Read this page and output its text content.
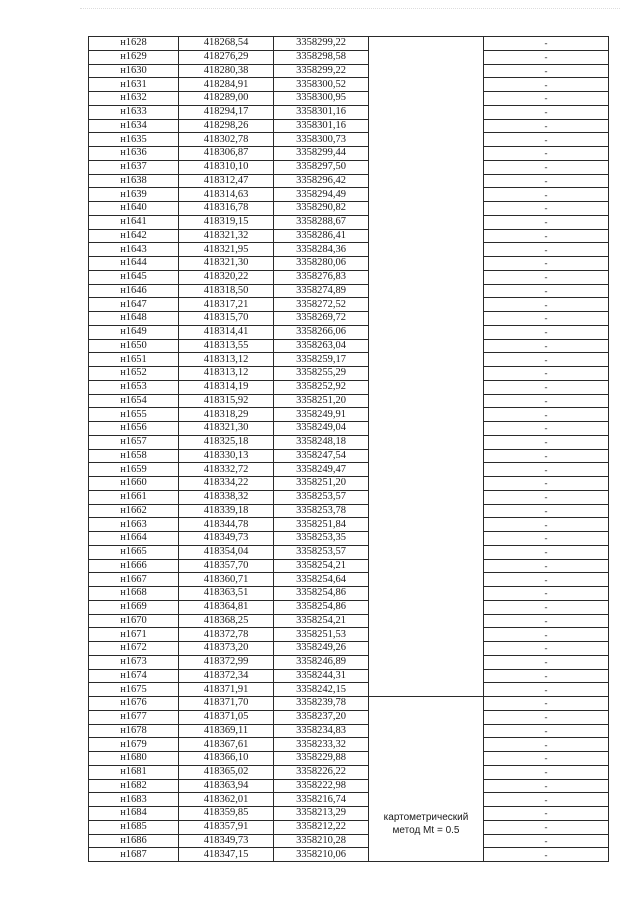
н1628	418268,54	3358299,22		-
н1629	418276,29	3358298,58		-
н1630	418280,38	3358299,22		-
н1631	418284,91	3358300,52		-
н1632	418289,00	3358300,95		-
н1633	418294,17	3358301,16		-
н1634	418298,26	3358301,16		-
н1635	418302,78	3358300,73		-
н1636	418306,87	3358299,44		-
н1637	418310,10	3358297,50		-
н1638	418312,47	3358296,42		-
н1639	418314,63	3358294,49		-
н1640	418316,78	3358290,82		-
н1641	418319,15	3358288,67		-
н1642	418321,32	3358286,41		-
н1643	418321,95	3358284,36		-
н1644	418321,30	3358280,06		-
н1645	418320,22	3358276,83		-
н1646	418318,50	3358274,89		-
н1647	418317,21	3358272,52		-
н1648	418315,70	3358269,72		-
н1649	418314,41	3358266,06		-
н1650	418313,55	3358263,04		-
н1651	418313,12	3358259,17		-
н1652	418313,12	3358255,29		-
н1653	418314,19	3358252,92		-
н1654	418315,92	3358251,20		-
н1655	418318,29	3358249,91		-
н1656	418321,30	3358249,04		-
н1657	418325,18	3358248,18		-
н1658	418330,13	3358247,54		-
н1659	418332,72	3358249,47		-
н1660	418334,22	3358251,20		-
н1661	418338,32	3358253,57		-
н1662	418339,18	3358253,78		-
н1663	418344,78	3358251,84		-
н1664	418349,73	3358253,35		-
н1665	418354,04	3358253,57		-
н1666	418357,70	3358254,21		-
н1667	418360,71	3358254,64		-
н1668	418363,51	3358254,86		-
н1669	418364,81	3358254,86		-
н1670	418368,25	3358254,21		-
н1671	418372,78	3358251,53		-
н1672	418373,20	3358249,26		-
н1673	418372,99	3358246,89		-
н1674	418372,34	3358244,31		-
н1675	418371,91	3358242,15		-
н1676	418371,70	3358239,78	картометрический
метод Mt = 0.5	-
н1677	418371,05	3358237,20		-
н1678	418369,11	3358234,83		-
н1679	418367,61	3358233,32		-
н1680	418366,10	3358229,88		-
н1681	418365,02	3358226,22		-
н1682	418363,94	3358222,98		-
н1683	418362,01	3358216,74		-
н1684	418359,85	3358213,29		-
н1685	418357,91	3358212,22		-
н1686	418349,73	3358210,28		-
н1687	418347,15	3358210,06		-
